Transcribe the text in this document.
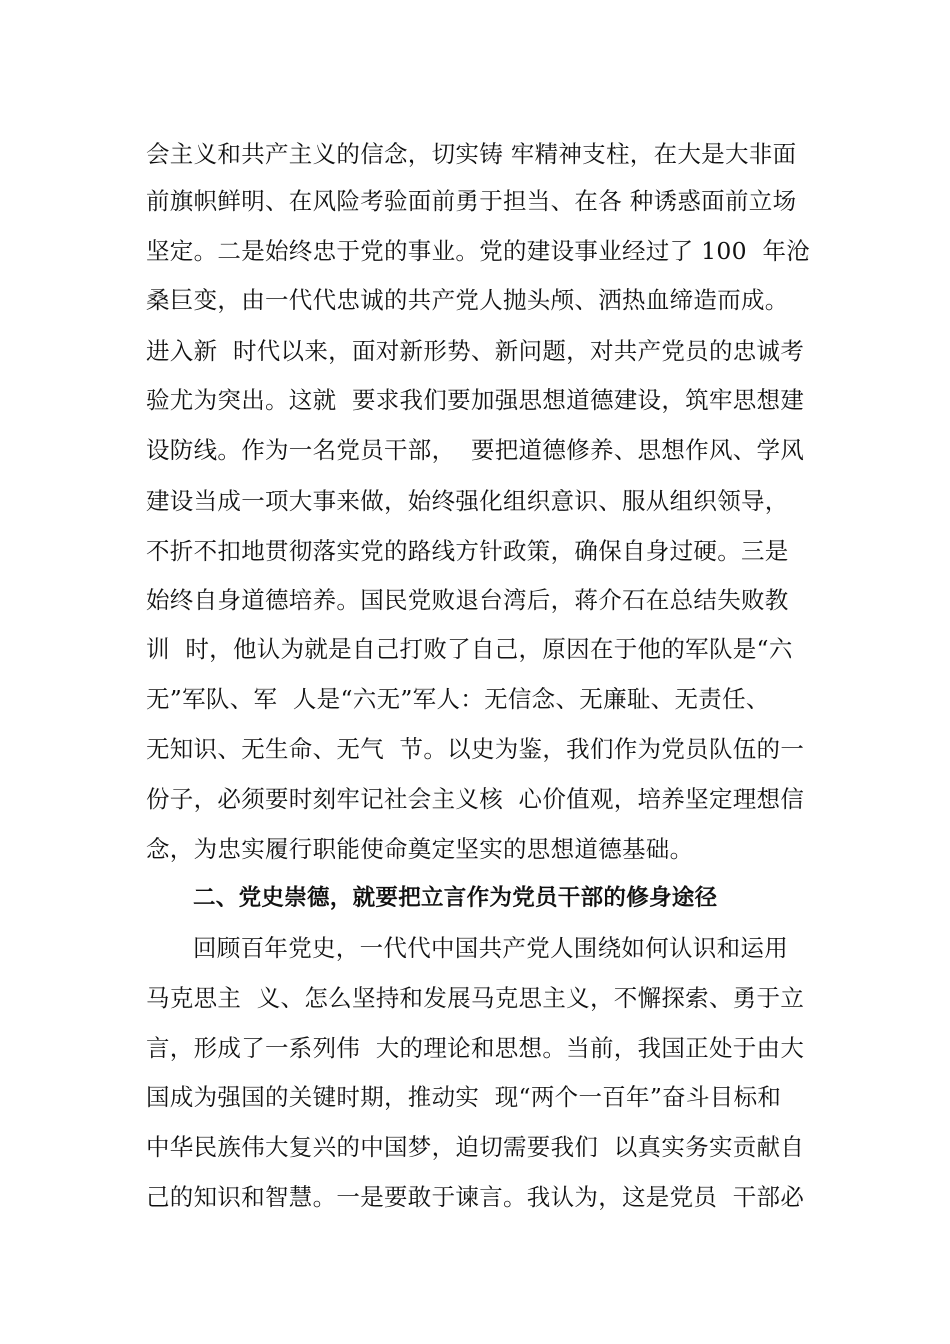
会主义和共产主义的信念，切实铸 牢精神支柱，在大是大非面
前旗帜鲜明、在风险考验面前勇于担当、在各 种诱惑面前立场
坚定。二是始终忠于党的事业。党的建设事业经过了 100  年沧
桑巨变，由一代代忠诚的共产党人抛头颅、洒热血缔造而成。
进入新  时代以来，面对新形势、新问题，对共产党员的忠诚考
验尤为突出。这就  要求我们要加强思想道德建设，筑牢思想建
设防线。作为一名党员干部，  要把道德修养、思想作风、学风
建设当成一项大事来做，始终强化组织意识、服从组织领导，
不折不扣地贯彻落实党的路线方针政策，确保自身过硬。三是
始终自身道德培养。国民党败退台湾后，蒋介石在总结失败教
训  时，他认为就是自己打败了自己，原因在于他的军队是“六
无”军队、军  人是“六无”军人：无信念、无廉耻、无责任、
无知识、无生命、无气  节。以史为鉴，我们作为党员队伍的一
份子，必须要时刻牢记社会主义核  心价值观，培养坚定理想信
念，为忠实履行职能使命奠定坚实的思想道德基础。
二、党史崇德，就要把立言作为党员干部的修身途径
回顾百年党史，一代代中国共产党人围绕如何认识和运用
马克思主  义、怎么坚持和发展马克思主义，不懈探索、勇于立
言，形成了一系列伟  大的理论和思想。当前，我国正处于由大
国成为强国的关键时期，推动实  现“两个一百年”奋斗目标和
中华民族伟大复兴的中国梦，迫切需要我们  以真实务实贡献自
己的知识和智慧。一是要敢于谏言。我认为，这是党员  干部必
